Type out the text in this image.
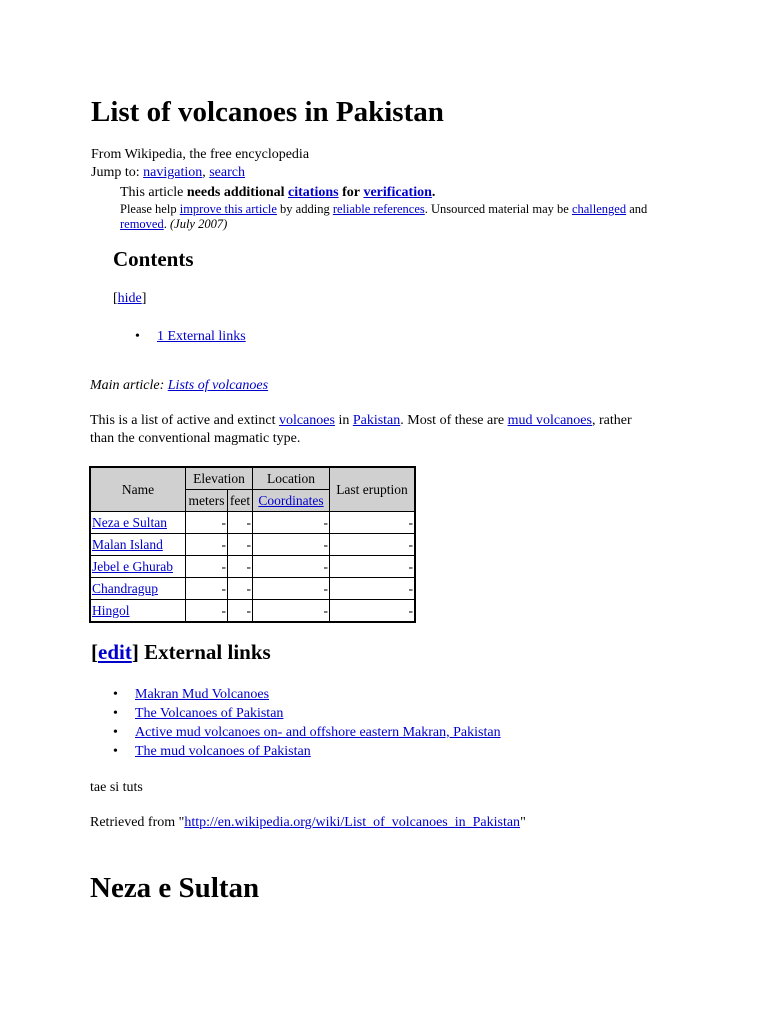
List of volcanoes in Pakistan
From Wikipedia, the free encyclopedia
Jump to: navigation, search
This article needs additional citations for verification.
Please help improve this article by adding reliable references. Unsourced material may be challenged and
removed. (July 2007)
Contents
[hide]
• 1 External links
Main article: Lists of volcanoes
This is a list of active and extinct volcanoes in Pakistan. Most of these are mud volcanoes, rather
than the conventional magmatic type.
Name	Elevation		Location	Last eruption
	meters	feet	Coordinates	
Neza e Sultan	-	-	-	-
Malan Island	-	-	-	-
Jebel e Ghurab	-	-	-	-
Chandragup	-	-	-	-
Hingol	-	-	-	-
[edit] External links
• Makran Mud Volcanoes
• The Volcanoes of Pakistan
• Active mud volcanoes on- and offshore eastern Makran, Pakistan
• The mud volcanoes of Pakistan
tae si tuts
Retrieved from "http://en.wikipedia.org/wiki/List_of_volcanoes_in_Pakistan"
Neza e Sultan
